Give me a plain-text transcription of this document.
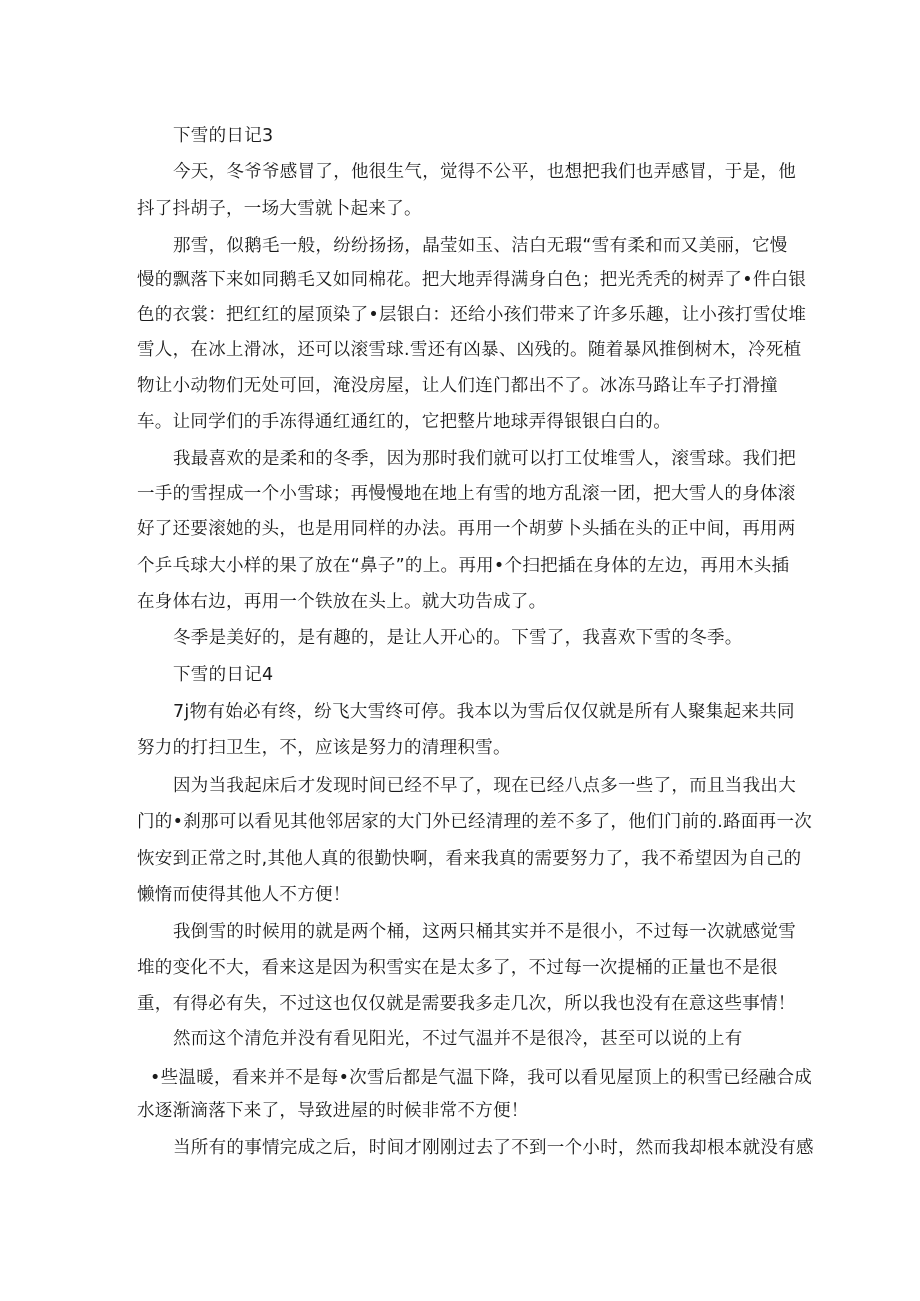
下雪的日记3
今天，冬爷爷感冒了，他很生气，觉得不公平，也想把我们也弄感冒，于是，他
抖了抖胡子，一场大雪就卜起来了。
那雪，似鹅毛一般，纷纷扬扬，晶莹如玉、洁白无瑕“雪有柔和而又美丽，它慢
慢的飘落下来如同鹅毛又如同棉花。把大地弄得满身白色；把光秃秃的树弄了•件白银
色的衣裳：把红红的屋顶染了•层银白：还给小孩们带来了许多乐趣，让小孩打雪仗堆
雪人，在冰上滑冰，还可以滚雪球.雪还有凶暴、凶残的。随着暴风推倒树木，冷死植
物让小动物们无处可回，淹没房屋，让人们连门都出不了。冰冻马路让车子打滑撞
车。让同学们的手冻得通红通红的，它把整片地球弄得银银白白的。
我最喜欢的是柔和的冬季，因为那时我们就可以打工仗堆雪人，滚雪球。我们把
一手的雪捏成一个小雪球；再慢慢地在地上有雪的地方乱滚一团，把大雪人的身体滚
好了还要滚她的头，也是用同样的办法。再用一个胡萝卜头插在头的正中间，再用两
个乒乓球大小样的果了放在“鼻子”的上。再用•个扫把插在身体的左边，再用木头插
在身体右边，再用一个铁放在头上。就大功告成了。
冬季是美好的，是有趣的，是让人开心的。下雪了，我喜欢下雪的冬季。
下雪的日记4
7j物有始必有终，纷飞大雪终可停。我本以为雪后仅仅就是所有人聚集起来共同
努力的打扫卫生，不，应该是努力的清理积雪。
因为当我起床后才发现时间已经不早了，现在已经八点多一些了，而且当我出大
门的•刹那可以看见其他邻居家的大门外已经清理的差不多了，他们门前的.路面再一次
恢安到正常之时,其他人真的很勤快啊，看来我真的需要努力了，我不希望因为自己的
懒惰而使得其他人不方便！
我倒雪的时候用的就是两个桶，这两只桶其实并不是很小，不过每一次就感觉雪
堆的变化不大，看来这是因为积雪实在是太多了，不过每一次提桶的正量也不是很
重，有得必有失，不过这也仅仅就是需要我多走几次，所以我也没有在意这些事情！
然而这个清危并没有看见阳光，不过气温并不是很冷，甚至可以说的上有
•些温暖，看来并不是每•次雪后都是气温下降，我可以看见屋顶上的积雪已经融合成
水逐渐滴落下来了，导致进屋的时候非常不方便！
当所有的事情完成之后，时间才刚刚过去了不到一个小时，然而我却根本就没有感
